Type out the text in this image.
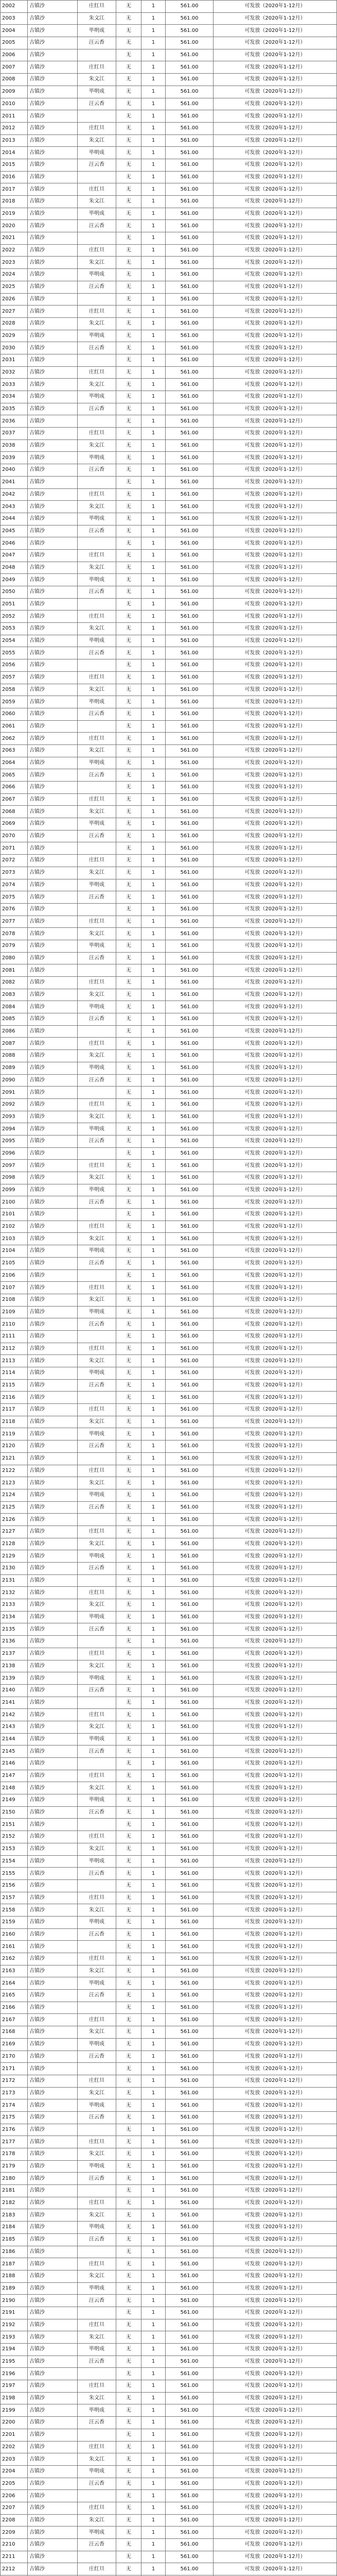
2002	古镇沙	庄红旦	无	1	561.00	可发放（2020年1-12月）
2003	古镇沙	朱文江	无	1	561.00	可发放（2020年1-12月）
2004	古镇沙	毕明成	无	1	561.00	可发放（2020年1-12月）
2005	古镇沙	汪云香	无	1	561.00	可发放（2020年1-12月）
2006	古镇沙		无	1	561.00	可发放（2020年1-12月）
2007	古镇沙	庄红旦	无	1	561.00	可发放（2020年1-12月）
2008	古镇沙	朱文江	无	1	561.00	可发放（2020年1-12月）
2009	古镇沙	毕明成	无	1	561.00	可发放（2020年1-12月）
2010	古镇沙	汪云香	无	1	561.00	可发放（2020年1-12月）
2011	古镇沙		无	1	561.00	可发放（2020年1-12月）
2012	古镇沙	庄红旦	无	1	561.00	可发放（2020年1-12月）
2013	古镇沙	朱文江	无	1	561.00	可发放（2020年1-12月）
2014	古镇沙	毕明成	无	1	561.00	可发放（2020年1-12月）
2015	古镇沙	汪云香	无	1	561.00	可发放（2020年1-12月）
2016	古镇沙		无	1	561.00	可发放（2020年1-12月）
2017	古镇沙	庄红旦	无	1	561.00	可发放（2020年1-12月）
2018	古镇沙	朱文江	无	1	561.00	可发放（2020年1-12月）
2019	古镇沙	毕明成	无	1	561.00	可发放（2020年1-12月）
2020	古镇沙	汪云香	无	1	561.00	可发放（2020年1-12月）
2021	古镇沙		无	1	561.00	可发放（2020年1-12月）
2022	古镇沙	庄红旦	无	1	561.00	可发放（2020年1-12月）
2023	古镇沙	朱文江	无	1	561.00	可发放（2020年1-12月）
2024	古镇沙	毕明成	无	1	561.00	可发放（2020年1-12月）
2025	古镇沙	汪云香	无	1	561.00	可发放（2020年1-12月）
2026	古镇沙		无	1	561.00	可发放（2020年1-12月）
2027	古镇沙	庄红旦	无	1	561.00	可发放（2020年1-12月）
2028	古镇沙	朱文江	无	1	561.00	可发放（2020年1-12月）
2029	古镇沙	毕明成	无	1	561.00	可发放（2020年1-12月）
2030	古镇沙	汪云香	无	1	561.00	可发放（2020年1-12月）
2031	古镇沙		无	1	561.00	可发放（2020年1-12月）
2032	古镇沙	庄红旦	无	1	561.00	可发放（2020年1-12月）
2033	古镇沙	朱文江	无	1	561.00	可发放（2020年1-12月）
2034	古镇沙	毕明成	无	1	561.00	可发放（2020年1-12月）
2035	古镇沙	汪云香	无	1	561.00	可发放（2020年1-12月）
2036	古镇沙		无	1	561.00	可发放（2020年1-12月）
2037	古镇沙	庄红旦	无	1	561.00	可发放（2020年1-12月）
2038	古镇沙	朱文江	无	1	561.00	可发放（2020年1-12月）
2039	古镇沙	毕明成	无	1	561.00	可发放（2020年1-12月）
2040	古镇沙	汪云香	无	1	561.00	可发放（2020年1-12月）
2041	古镇沙		无	1	561.00	可发放（2020年1-12月）
2042	古镇沙	庄红旦	无	1	561.00	可发放（2020年1-12月）
2043	古镇沙	朱文江	无	1	561.00	可发放（2020年1-12月）
2044	古镇沙	毕明成	无	1	561.00	可发放（2020年1-12月）
2045	古镇沙	汪云香	无	1	561.00	可发放（2020年1-12月）
2046	古镇沙		无	1	561.00	可发放（2020年1-12月）
2047	古镇沙	庄红旦	无	1	561.00	可发放（2020年1-12月）
2048	古镇沙	朱文江	无	1	561.00	可发放（2020年1-12月）
2049	古镇沙	毕明成	无	1	561.00	可发放（2020年1-12月）
2050	古镇沙	汪云香	无	1	561.00	可发放（2020年1-12月）
2051	古镇沙		无	1	561.00	可发放（2020年1-12月）
2052	古镇沙	庄红旦	无	1	561.00	可发放（2020年1-12月）
2053	古镇沙	朱文江	无	1	561.00	可发放（2020年1-12月）
2054	古镇沙	毕明成	无	1	561.00	可发放（2020年1-12月）
2055	古镇沙	汪云香	无	1	561.00	可发放（2020年1-12月）
2056	古镇沙		无	1	561.00	可发放（2020年1-12月）
2057	古镇沙	庄红旦	无	1	561.00	可发放（2020年1-12月）
2058	古镇沙	朱文江	无	1	561.00	可发放（2020年1-12月）
2059	古镇沙	毕明成	无	1	561.00	可发放（2020年1-12月）
2060	古镇沙	汪云香	无	1	561.00	可发放（2020年1-12月）
2061	古镇沙		无	1	561.00	可发放（2020年1-12月）
2062	古镇沙	庄红旦	无	1	561.00	可发放（2020年1-12月）
2063	古镇沙	朱文江	无	1	561.00	可发放（2020年1-12月）
2064	古镇沙	毕明成	无	1	561.00	可发放（2020年1-12月）
2065	古镇沙	汪云香	无	1	561.00	可发放（2020年1-12月）
2066	古镇沙		无	1	561.00	可发放（2020年1-12月）
2067	古镇沙	庄红旦	无	1	561.00	可发放（2020年1-12月）
2068	古镇沙	朱文江	无	1	561.00	可发放（2020年1-12月）
2069	古镇沙	毕明成	无	1	561.00	可发放（2020年1-12月）
2070	古镇沙	汪云香	无	1	561.00	可发放（2020年1-12月）
2071	古镇沙		无	1	561.00	可发放（2020年1-12月）
2072	古镇沙	庄红旦	无	1	561.00	可发放（2020年1-12月）
2073	古镇沙	朱文江	无	1	561.00	可发放（2020年1-12月）
2074	古镇沙	毕明成	无	1	561.00	可发放（2020年1-12月）
2075	古镇沙	汪云香	无	1	561.00	可发放（2020年1-12月）
2076	古镇沙		无	1	561.00	可发放（2020年1-12月）
2077	古镇沙	庄红旦	无	1	561.00	可发放（2020年1-12月）
2078	古镇沙	朱文江	无	1	561.00	可发放（2020年1-12月）
2079	古镇沙	毕明成	无	1	561.00	可发放（2020年1-12月）
2080	古镇沙	汪云香	无	1	561.00	可发放（2020年1-12月）
2081	古镇沙		无	1	561.00	可发放（2020年1-12月）
2082	古镇沙	庄红旦	无	1	561.00	可发放（2020年1-12月）
2083	古镇沙	朱文江	无	1	561.00	可发放（2020年1-12月）
2084	古镇沙	毕明成	无	1	561.00	可发放（2020年1-12月）
2085	古镇沙	汪云香	无	1	561.00	可发放（2020年1-12月）
2086	古镇沙		无	1	561.00	可发放（2020年1-12月）
2087	古镇沙	庄红旦	无	1	561.00	可发放（2020年1-12月）
2088	古镇沙	朱文江	无	1	561.00	可发放（2020年1-12月）
2089	古镇沙	毕明成	无	1	561.00	可发放（2020年1-12月）
2090	古镇沙	汪云香	无	1	561.00	可发放（2020年1-12月）
2091	古镇沙		无	1	561.00	可发放（2020年1-12月）
2092	古镇沙	庄红旦	无	1	561.00	可发放（2020年1-12月）
2093	古镇沙	朱文江	无	1	561.00	可发放（2020年1-12月）
2094	古镇沙	毕明成	无	1	561.00	可发放（2020年1-12月）
2095	古镇沙	汪云香	无	1	561.00	可发放（2020年1-12月）
2096	古镇沙		无	1	561.00	可发放（2020年1-12月）
2097	古镇沙	庄红旦	无	1	561.00	可发放（2020年1-12月）
2098	古镇沙	朱文江	无	1	561.00	可发放（2020年1-12月）
2099	古镇沙	毕明成	无	1	561.00	可发放（2020年1-12月）
2100	古镇沙	汪云香	无	1	561.00	可发放（2020年1-12月）
2101	古镇沙		无	1	561.00	可发放（2020年1-12月）
2102	古镇沙	庄红旦	无	1	561.00	可发放（2020年1-12月）
2103	古镇沙	朱文江	无	1	561.00	可发放（2020年1-12月）
2104	古镇沙	毕明成	无	1	561.00	可发放（2020年1-12月）
2105	古镇沙	汪云香	无	1	561.00	可发放（2020年1-12月）
2106	古镇沙		无	1	561.00	可发放（2020年1-12月）
2107	古镇沙	庄红旦	无	1	561.00	可发放（2020年1-12月）
2108	古镇沙	朱文江	无	1	561.00	可发放（2020年1-12月）
2109	古镇沙	毕明成	无	1	561.00	可发放（2020年1-12月）
2110	古镇沙	汪云香	无	1	561.00	可发放（2020年1-12月）
2111	古镇沙		无	1	561.00	可发放（2020年1-12月）
2112	古镇沙	庄红旦	无	1	561.00	可发放（2020年1-12月）
2113	古镇沙	朱文江	无	1	561.00	可发放（2020年1-12月）
2114	古镇沙	毕明成	无	1	561.00	可发放（2020年1-12月）
2115	古镇沙	汪云香	无	1	561.00	可发放（2020年1-12月）
2116	古镇沙		无	1	561.00	可发放（2020年1-12月）
2117	古镇沙	庄红旦	无	1	561.00	可发放（2020年1-12月）
2118	古镇沙	朱文江	无	1	561.00	可发放（2020年1-12月）
2119	古镇沙	毕明成	无	1	561.00	可发放（2020年1-12月）
2120	古镇沙	汪云香	无	1	561.00	可发放（2020年1-12月）
2121	古镇沙		无	1	561.00	可发放（2020年1-12月）
2122	古镇沙	庄红旦	无	1	561.00	可发放（2020年1-12月）
2123	古镇沙	朱文江	无	1	561.00	可发放（2020年1-12月）
2124	古镇沙	毕明成	无	1	561.00	可发放（2020年1-12月）
2125	古镇沙	汪云香	无	1	561.00	可发放（2020年1-12月）
2126	古镇沙		无	1	561.00	可发放（2020年1-12月）
2127	古镇沙	庄红旦	无	1	561.00	可发放（2020年1-12月）
2128	古镇沙	朱文江	无	1	561.00	可发放（2020年1-12月）
2129	古镇沙	毕明成	无	1	561.00	可发放（2020年1-12月）
2130	古镇沙	汪云香	无	1	561.00	可发放（2020年1-12月）
2131	古镇沙		无	1	561.00	可发放（2020年1-12月）
2132	古镇沙	庄红旦	无	1	561.00	可发放（2020年1-12月）
2133	古镇沙	朱文江	无	1	561.00	可发放（2020年1-12月）
2134	古镇沙	毕明成	无	1	561.00	可发放（2020年1-12月）
2135	古镇沙	汪云香	无	1	561.00	可发放（2020年1-12月）
2136	古镇沙		无	1	561.00	可发放（2020年1-12月）
2137	古镇沙	庄红旦	无	1	561.00	可发放（2020年1-12月）
2138	古镇沙	朱文江	无	1	561.00	可发放（2020年1-12月）
2139	古镇沙	毕明成	无	1	561.00	可发放（2020年1-12月）
2140	古镇沙	汪云香	无	1	561.00	可发放（2020年1-12月）
2141	古镇沙		无	1	561.00	可发放（2020年1-12月）
2142	古镇沙	庄红旦	无	1	561.00	可发放（2020年1-12月）
2143	古镇沙	朱文江	无	1	561.00	可发放（2020年1-12月）
2144	古镇沙	毕明成	无	1	561.00	可发放（2020年1-12月）
2145	古镇沙	汪云香	无	1	561.00	可发放（2020年1-12月）
2146	古镇沙		无	1	561.00	可发放（2020年1-12月）
2147	古镇沙	庄红旦	无	1	561.00	可发放（2020年1-12月）
2148	古镇沙	朱文江	无	1	561.00	可发放（2020年1-12月）
2149	古镇沙	毕明成	无	1	561.00	可发放（2020年1-12月）
2150	古镇沙	汪云香	无	1	561.00	可发放（2020年1-12月）
2151	古镇沙		无	1	561.00	可发放（2020年1-12月）
2152	古镇沙	庄红旦	无	1	561.00	可发放（2020年1-12月）
2153	古镇沙	朱文江	无	1	561.00	可发放（2020年1-12月）
2154	古镇沙	毕明成	无	1	561.00	可发放（2020年1-12月）
2155	古镇沙	汪云香	无	1	561.00	可发放（2020年1-12月）
2156	古镇沙		无	1	561.00	可发放（2020年1-12月）
2157	古镇沙	庄红旦	无	1	561.00	可发放（2020年1-12月）
2158	古镇沙	朱文江	无	1	561.00	可发放（2020年1-12月）
2159	古镇沙	毕明成	无	1	561.00	可发放（2020年1-12月）
2160	古镇沙	汪云香	无	1	561.00	可发放（2020年1-12月）
2161	古镇沙		无	1	561.00	可发放（2020年1-12月）
2162	古镇沙	庄红旦	无	1	561.00	可发放（2020年1-12月）
2163	古镇沙	朱文江	无	1	561.00	可发放（2020年1-12月）
2164	古镇沙	毕明成	无	1	561.00	可发放（2020年1-12月）
2165	古镇沙	汪云香	无	1	561.00	可发放（2020年1-12月）
2166	古镇沙		无	1	561.00	可发放（2020年1-12月）
2167	古镇沙	庄红旦	无	1	561.00	可发放（2020年1-12月）
2168	古镇沙	朱文江	无	1	561.00	可发放（2020年1-12月）
2169	古镇沙	毕明成	无	1	561.00	可发放（2020年1-12月）
2170	古镇沙	汪云香	无	1	561.00	可发放（2020年1-12月）
2171	古镇沙		无	1	561.00	可发放（2020年1-12月）
2172	古镇沙	庄红旦	无	1	561.00	可发放（2020年1-12月）
2173	古镇沙	朱文江	无	1	561.00	可发放（2020年1-12月）
2174	古镇沙	毕明成	无	1	561.00	可发放（2020年1-12月）
2175	古镇沙	汪云香	无	1	561.00	可发放（2020年1-12月）
2176	古镇沙		无	1	561.00	可发放（2020年1-12月）
2177	古镇沙	庄红旦	无	1	561.00	可发放（2020年1-12月）
2178	古镇沙	朱文江	无	1	561.00	可发放（2020年1-12月）
2179	古镇沙	毕明成	无	1	561.00	可发放（2020年1-12月）
2180	古镇沙	汪云香	无	1	561.00	可发放（2020年1-12月）
2181	古镇沙		无	1	561.00	可发放（2020年1-12月）
2182	古镇沙	庄红旦	无	1	561.00	可发放（2020年1-12月）
2183	古镇沙	朱文江	无	1	561.00	可发放（2020年1-12月）
2184	古镇沙	毕明成	无	1	561.00	可发放（2020年1-12月）
2185	古镇沙	汪云香	无	1	561.00	可发放（2020年1-12月）
2186	古镇沙		无	1	561.00	可发放（2020年1-12月）
2187	古镇沙	庄红旦	无	1	561.00	可发放（2020年1-12月）
2188	古镇沙	朱文江	无	1	561.00	可发放（2020年1-12月）
2189	古镇沙	毕明成	无	1	561.00	可发放（2020年1-12月）
2190	古镇沙	汪云香	无	1	561.00	可发放（2020年1-12月）
2191	古镇沙		无	1	561.00	可发放（2020年1-12月）
2192	古镇沙	庄红旦	无	1	561.00	可发放（2020年1-12月）
2193	古镇沙	朱文江	无	1	561.00	可发放（2020年1-12月）
2194	古镇沙	毕明成	无	1	561.00	可发放（2020年1-12月）
2195	古镇沙	汪云香	无	1	561.00	可发放（2020年1-12月）
2196	古镇沙		无	1	561.00	可发放（2020年1-12月）
2197	古镇沙	庄红旦	无	1	561.00	可发放（2020年1-12月）
2198	古镇沙	朱文江	无	1	561.00	可发放（2020年1-12月）
2199	古镇沙	毕明成	无	1	561.00	可发放（2020年1-12月）
2200	古镇沙	汪云香	无	1	561.00	可发放（2020年1-12月）
2201	古镇沙		无	1	561.00	可发放（2020年1-12月）
2202	古镇沙	庄红旦	无	1	561.00	可发放（2020年1-12月）
2203	古镇沙	朱文江	无	1	561.00	可发放（2020年1-12月）
2204	古镇沙	毕明成	无	1	561.00	可发放（2020年1-12月）
2205	古镇沙	汪云香	无	1	561.00	可发放（2020年1-12月）
2206	古镇沙		无	1	561.00	可发放（2020年1-12月）
2207	古镇沙	庄红旦	无	1	561.00	可发放（2020年1-12月）
2208	古镇沙	朱文江	无	1	561.00	可发放（2020年1-12月）
2209	古镇沙	毕明成	无	1	561.00	可发放（2020年1-12月）
2210	古镇沙	汪云香	无	1	561.00	可发放（2020年1-12月）
2211	古镇沙		无	1	561.00	可发放（2020年1-12月）
2212	古镇沙	庄红旦	无	1	561.00	可发放（2020年1-12月）
